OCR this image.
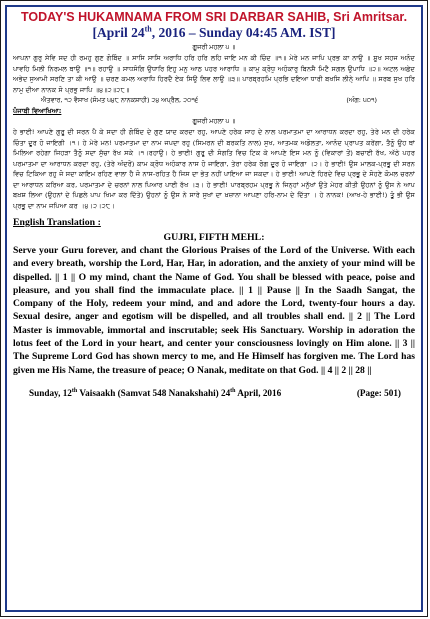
TODAY'S HUKAMNAMA FROM SRI DARBAR SAHIB, Sri Amritsar.

[April 24th, 2016 – Sunday 04:45 AM. IST]

ਗੂਜਰੀ ਮਹਲਾ ੫ ॥

ਆਪਨਾ ਗੁਰੁ ਸੇਵਿ ਸਦ ਹੀ ਰਮਹੁ ਗੁਣ ਗੋਬਿੰਦ ॥ ਸਾਸਿ ਸਾਸਿ ਅਰਾਧਿ ਹਰਿ ਹਰਿ ਲਹਿ ਜਾਇ ਮਨ ਕੀ ਚਿੰਦ ॥੧॥ ਮੇਰੇ ਮਨ ਜਾਪਿ ਪ੍ਰਭ ਕਾ ਨਾਉ ॥ ਸੂਖ ਸਹਜ ਅਨੰਦ ਪਾਵਹਿ ਮਿਲੀ ਨਿਰਮਲ ਥਾਉ ॥੧॥ ਰਹਾਉ ॥ ਸਾਧਸੰਗਿ ਉਧਾਰਿ ਇਹੁ ਮਨੁ ਆਠ ਪਹਰ ਆਰਾਧਿ ॥ ਕਾਮੁ ਕ੍ਰੋਧੁ ਅਹੰਕਾਰੁ ਬਿਨਸੈ ਮਿਟੈ ਸਗਲ ਉਪਾਧਿ ॥੨॥ ਅਟਲ ਅਛੇਦ ਅਭੇਦ ਸੁਆਮੀ ਸਰਣਿ ਤਾ ਕੀ ਆਉ ॥ ਚਰਣ ਕਮਲ ਅਰਾਧਿ ਹਿਰਦੈ ਏਕ ਸਿਉ ਲਿਵ ਲਾਉ ॥੩॥ ਪਾਰਬ੍ਰਹਮਿ ਪ੍ਰਭਿ ਦਇਆ ਧਾਰੀ ਬਖਸਿ ਲੀਨੑੇ ਆਪਿ ॥ ਸਰਬ ਸੁਖ ਹਰਿ ਨਾਮੁ ਦੀਆ ਨਾਨਕ ਸੋ ਪ੍ਰਭੁ ਜਾਪਿ ॥੪॥੨॥੨੮॥

ਐਤਵਾਰ, ੧੨ ਵੈਸਾਖ (ਸੰਮਤ ੫੪੮ ਨਾਨਕਸ਼ਾਹੀ) ੨੪ ਅਪ੍ਰੈਲ, ੨੦੧੬	(ਅੰਗ: ੫੦੧)

ਪੰਜਾਬੀ ਵਿਆਖਿਆ:

ਗੂਜਰੀ ਮਹਲਾ ੫ ॥

ਹੇ ਭਾਈ! ਆਪਣੇ ਗੁਰੂ ਦੀ ਸਰਨ ਪੈ ਕੇ ਸਦਾ ਹੀ ਗੋਬਿੰਦ ਦੇ ਗੁਣ ਯਾਦ ਕਰਦਾ ਰਹੁ, ਆਪਣੇ ਹਰੇਕ ਸਾਹ ਦੇ ਨਾਲ ਪਰਮਾਤਮਾ ਦਾ ਆਰਾਧਨ ਕਰਦਾ ਰਹੁ, ਤੇਰੇ ਮਨ ਦੀ ਹਰੇਕ ਚਿੰਤਾ ਦੂਰ ਹੋ ਜਾਇਗੀ ।੧। ਹੇ ਮੇਰੇ ਮਨ! ਪਰਮਾਤਮਾ ਦਾ ਨਾਮ ਜਪਦਾ ਰਹੁ (ਸਿਮਰਨ ਦੀ ਬਰਕਤਿ ਨਾਲ) ਸੁਖ, ਆਤਮਕ ਅਡੋਲਤਾ, ਆਨੰਦ ਪ੍ਰਾਪਤ ਕਰੇਂਗਾ, ਤੈਨੂੰ ਉਹ ਥਾਂ ਮਿਲਿਆ ਰਹੇਗਾ ਜਿਹੜਾ ਤੈਨੂੰ ਸਦਾ ਸੁੱਚਾ ਰੱਖ ਸਕੇ ।੧।ਰਹਾਉ। ਹੇ ਭਾਈ! ਗੁਰੂ ਦੀ ਸੰਗਤਿ ਵਿਚ ਟਿਕ ਕੇ ਆਪਣੇ ਇਸ ਮਨ ਨੂੰ (ਵਿਕਾਰਾਂ ਤੋਂ) ਬਚਾਈ ਰੱਖ, ਅੱਠੇ ਪਹਰ ਪਰਮਾਤਮਾ ਦਾ ਆਰਾਧਨ ਕਰਦਾ ਰਹੁ, (ਤੇਰੇ ਅੰਦਰੋਂ) ਕਾਮ ਕ੍ਰੋਧ ਅਹੰਕਾਰ ਨਾਸ ਹੋ ਜਾਇਗਾ, ਤੇਰਾ ਹਰੇਕ ਰੋਗ ਦੂਰ ਹੋ ਜਾਇਗਾ ।੨। ਹੇ ਭਾਈ! ਉਸ ਮਾਲਕ-ਪ੍ਰਭੂ ਦੀ ਸਰਨ ਵਿਚ ਟਿਕਿਆ ਰਹੁ ਜੋ ਸਦਾ ਕਾਇਮ ਰਹਿਣ ਵਾਲਾ ਹੈ ਜੋ ਨਾਸ-ਰਹਿਤ ਹੈ ਜਿਸ ਦਾ ਭੇਤ ਨਹੀਂ ਪਾਇਆ ਜਾ ਸਕਦਾ। ਹੇ ਭਾਈ! ਆਪਣੇ ਹਿਰਦੇ ਵਿਚ ਪ੍ਰਭੂ ਦੇ ਸੋਹਣੇ ਕੋਮਲ ਚਰਨਾਂ ਦਾ ਆਰਾਧਨ ਕਰਿਆ ਕਰ, ਪਰਮਾਤਮਾ ਦੇ ਚਰਨਾਂ ਨਾਲ ਪਿਆਰ ਪਾਈ ਰੱਖ ।੩। ਹੇ ਭਾਈ! ਪਾਰਬ੍ਰਹਮ ਪ੍ਰਭੂ ਨੇ ਜਿਨ੍ਹਾਂ ਮਨੁੱਖਾਂ ਉਤੇ ਮੇਹਰ ਕੀਤੀ ਉਹਨਾਂ ਨੂੰ ਉਸ ਨੇ ਆਪ ਬਖ਼ਸ਼ ਲਿਆ (ਉਹਨਾਂ ਦੇ ਪਿਛਲੇ ਪਾਪ ਖਿਮਾ ਕਰ ਦਿੱਤੇ) ਉਹਨਾਂ ਨੂੰ ਉਸ ਨੇ ਸਾਰੇ ਸੁਖਾਂ ਦਾ ਖ਼ਜ਼ਾਨਾ ਆਪਣਾ ਹਰਿ-ਨਾਮ ਦੇ ਦਿੱਤਾ । ਹੇ ਨਾਨਕ! (ਆਖ-ਹੇ ਭਾਈ!) ਤੂੰ ਭੀ ਉਸ ਪ੍ਰਭੂ ਦਾ ਨਾਮ ਜਪਿਆ ਕਰ ।੪।੨।੨੮।

English Translation :

GUJRI, FIFTH MEHL:

Serve your Guru forever, and chant the Glorious Praises of the Lord of the Universe. With each and every breath, worship the Lord, Har, Har, in adoration, and the anxiety of your mind will be dispelled. || 1 || O my mind, chant the Name of God. You shall be blessed with peace, poise and pleasure, and you shall find the immaculate place. || 1 || Pause || In the Saadh Sangat, the Company of the Holy, redeem your mind, and and adore the Lord, twenty-four hours a day. Sexual desire, anger and egotism will be dispelled, and all troubles shall end. || 2 || The Lord Master is immovable, immortal and inscrutable; seek His Sanctuary. Worship in adoration the lotus feet of the Lord in your heart, and center your consciousness lovingly on Him alone. || 3 || The Supreme Lord God has shown mercy to me, and He Himself has forgiven me. The Lord has given me His Name, the treasure of peace; O Nanak, meditate on that God. || 4 || 2 || 28 ||

Sunday, 12th Vaisaakh (Samvat 548 Nanakshahi) 24th April, 2016	(Page: 501)
